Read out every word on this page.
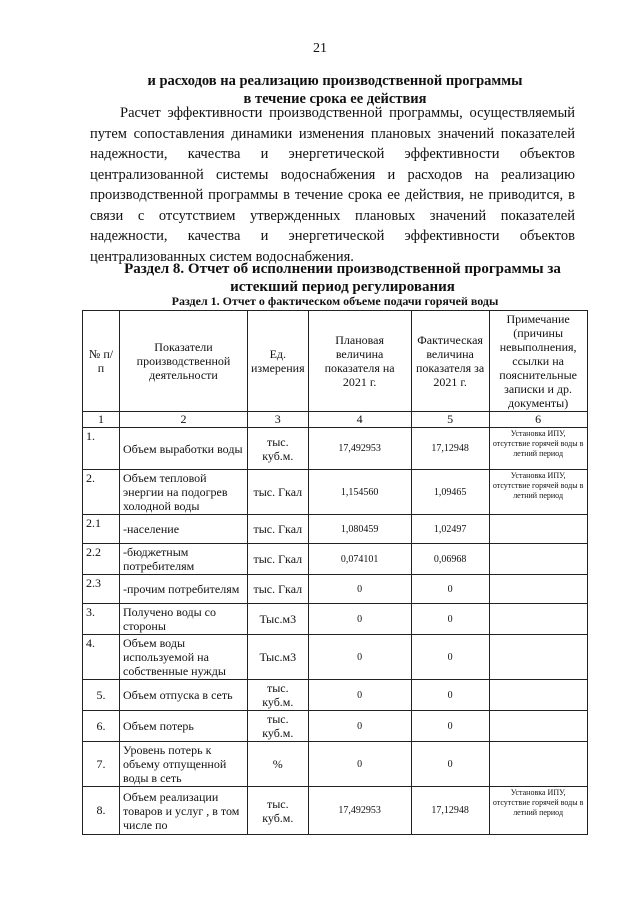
21
и расходов на реализацию производственной программы
в течение срока ее действия
Расчет эффективности производственной программы, осуществляемый путем сопоставления динамики изменения плановых значений показателей надежности, качества и энергетической эффективности объектов централизованной системы водоснабжения и расходов на реализацию производственной программы в течение срока ее действия, не приводится, в связи с отсутствием утвержденных плановых значений показателей надежности, качества и энергетической эффективности объектов централизованных систем водоснабжения.
Раздел 8. Отчет об исполнении производственной программы за
истекший период регулирования
Раздел 1. Отчет о фактическом объеме подачи горячей воды
№ п/п	Показатели производственной деятельности	Ед. измерения	Плановая величина показателя на 2021 г.	Фактическая величина показателя за 2021 г.	Примечание (причины невыполнения, ссылки на пояснительные записки и др. документы)
1	2	3	4	5	6
1.	Объем выработки воды	тыс. куб.м.	17,492953	17,12948	Установка ИПУ, отсутствие горячей воды в летний период
2.	Объем тепловой энергии на подогрев холодной воды	тыс. Гкал	1,154560	1,09465	Установка ИПУ, отсутствие горячей воды в летний период
2.1	-население	тыс. Гкал	1,080459	1,02497	
2.2	-бюджетным потребителям	тыс. Гкал	0,074101	0,06968	
2.3	-прочим потребителям	тыс. Гкал	0	0	
3.	Получено воды со стороны	Тыс.м3	0	0	
4.	Объем воды используемой на собственные нужды	Тыс.м3	0	0	
5.	Объем отпуска в сеть	тыс. куб.м.	0	0	
6.	Объем потерь	тыс. куб.м.	0	0	
7.	Уровень потерь к объему отпущенной воды в сеть	%	0	0	
8.	Объем реализации товаров и услуг , в том числе по	тыс. куб.м.	17,492953	17,12948	Установка ИПУ, отсутствие горячей воды в летний период
